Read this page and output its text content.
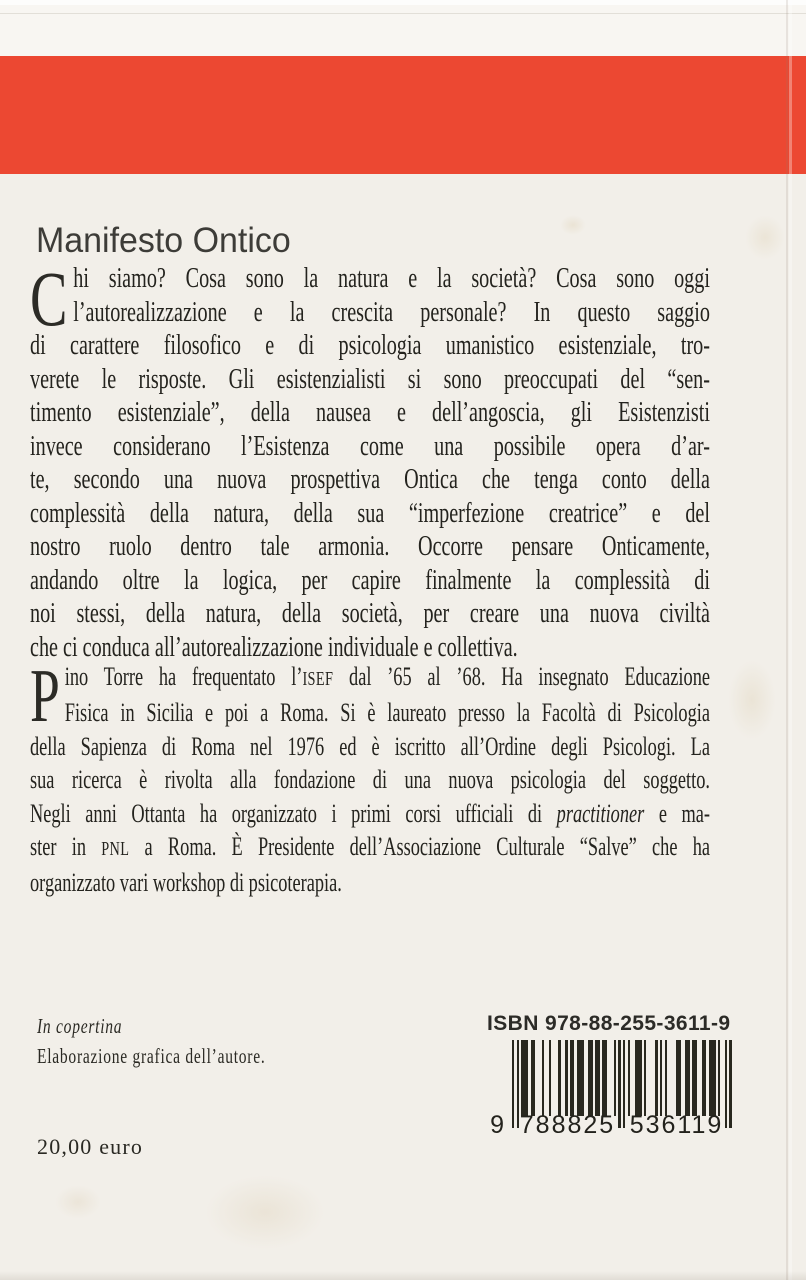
Manifesto Ontico
C hi siamo? Cosa sono la natura e la società? Cosa sono oggi
l’autorealizzazione e la crescita personale? In questo saggio
di carattere filosofico e di psicologia umanistico esistenziale, tro-
verete le risposte. Gli esistenzialisti si sono preoccupati del “sen-
timento esistenziale”, della nausea e dell’angoscia, gli Esistenzisti
invece considerano l’Esistenza come una possibile opera d’ar-
te, secondo una nuova prospettiva Ontica che tenga conto della
complessità della natura, della sua “imperfezione creatrice” e del
nostro ruolo dentro tale armonia. Occorre pensare Onticamente,
andando oltre la logica, per capire finalmente la complessità di
noi stessi, della natura, della società, per creare una nuova civiltà
che ci conduca all’autorealizzazione individuale e collettiva.
P ino Torre ha frequentato l’ISEF dal ’65 al ’68. Ha insegnato Educazione
Fisica in Sicilia e poi a Roma. Si è laureato presso la Facoltà di Psicologia
della Sapienza di Roma nel 1976 ed è iscritto all’Ordine degli Psicologi. La
sua ricerca è rivolta alla fondazione di una nuova psicologia del soggetto.
Negli anni Ottanta ha organizzato i primi corsi ufficiali di practitioner e ma-
ster in PNL a Roma. È Presidente dell’Associazione Culturale “Salve” che ha
organizzato vari workshop di psicoterapia.
In copertina
Elaborazione grafica dell’autore.
ISBN 978-88-255-3611-9
9 788825 536119
20,00 euro
